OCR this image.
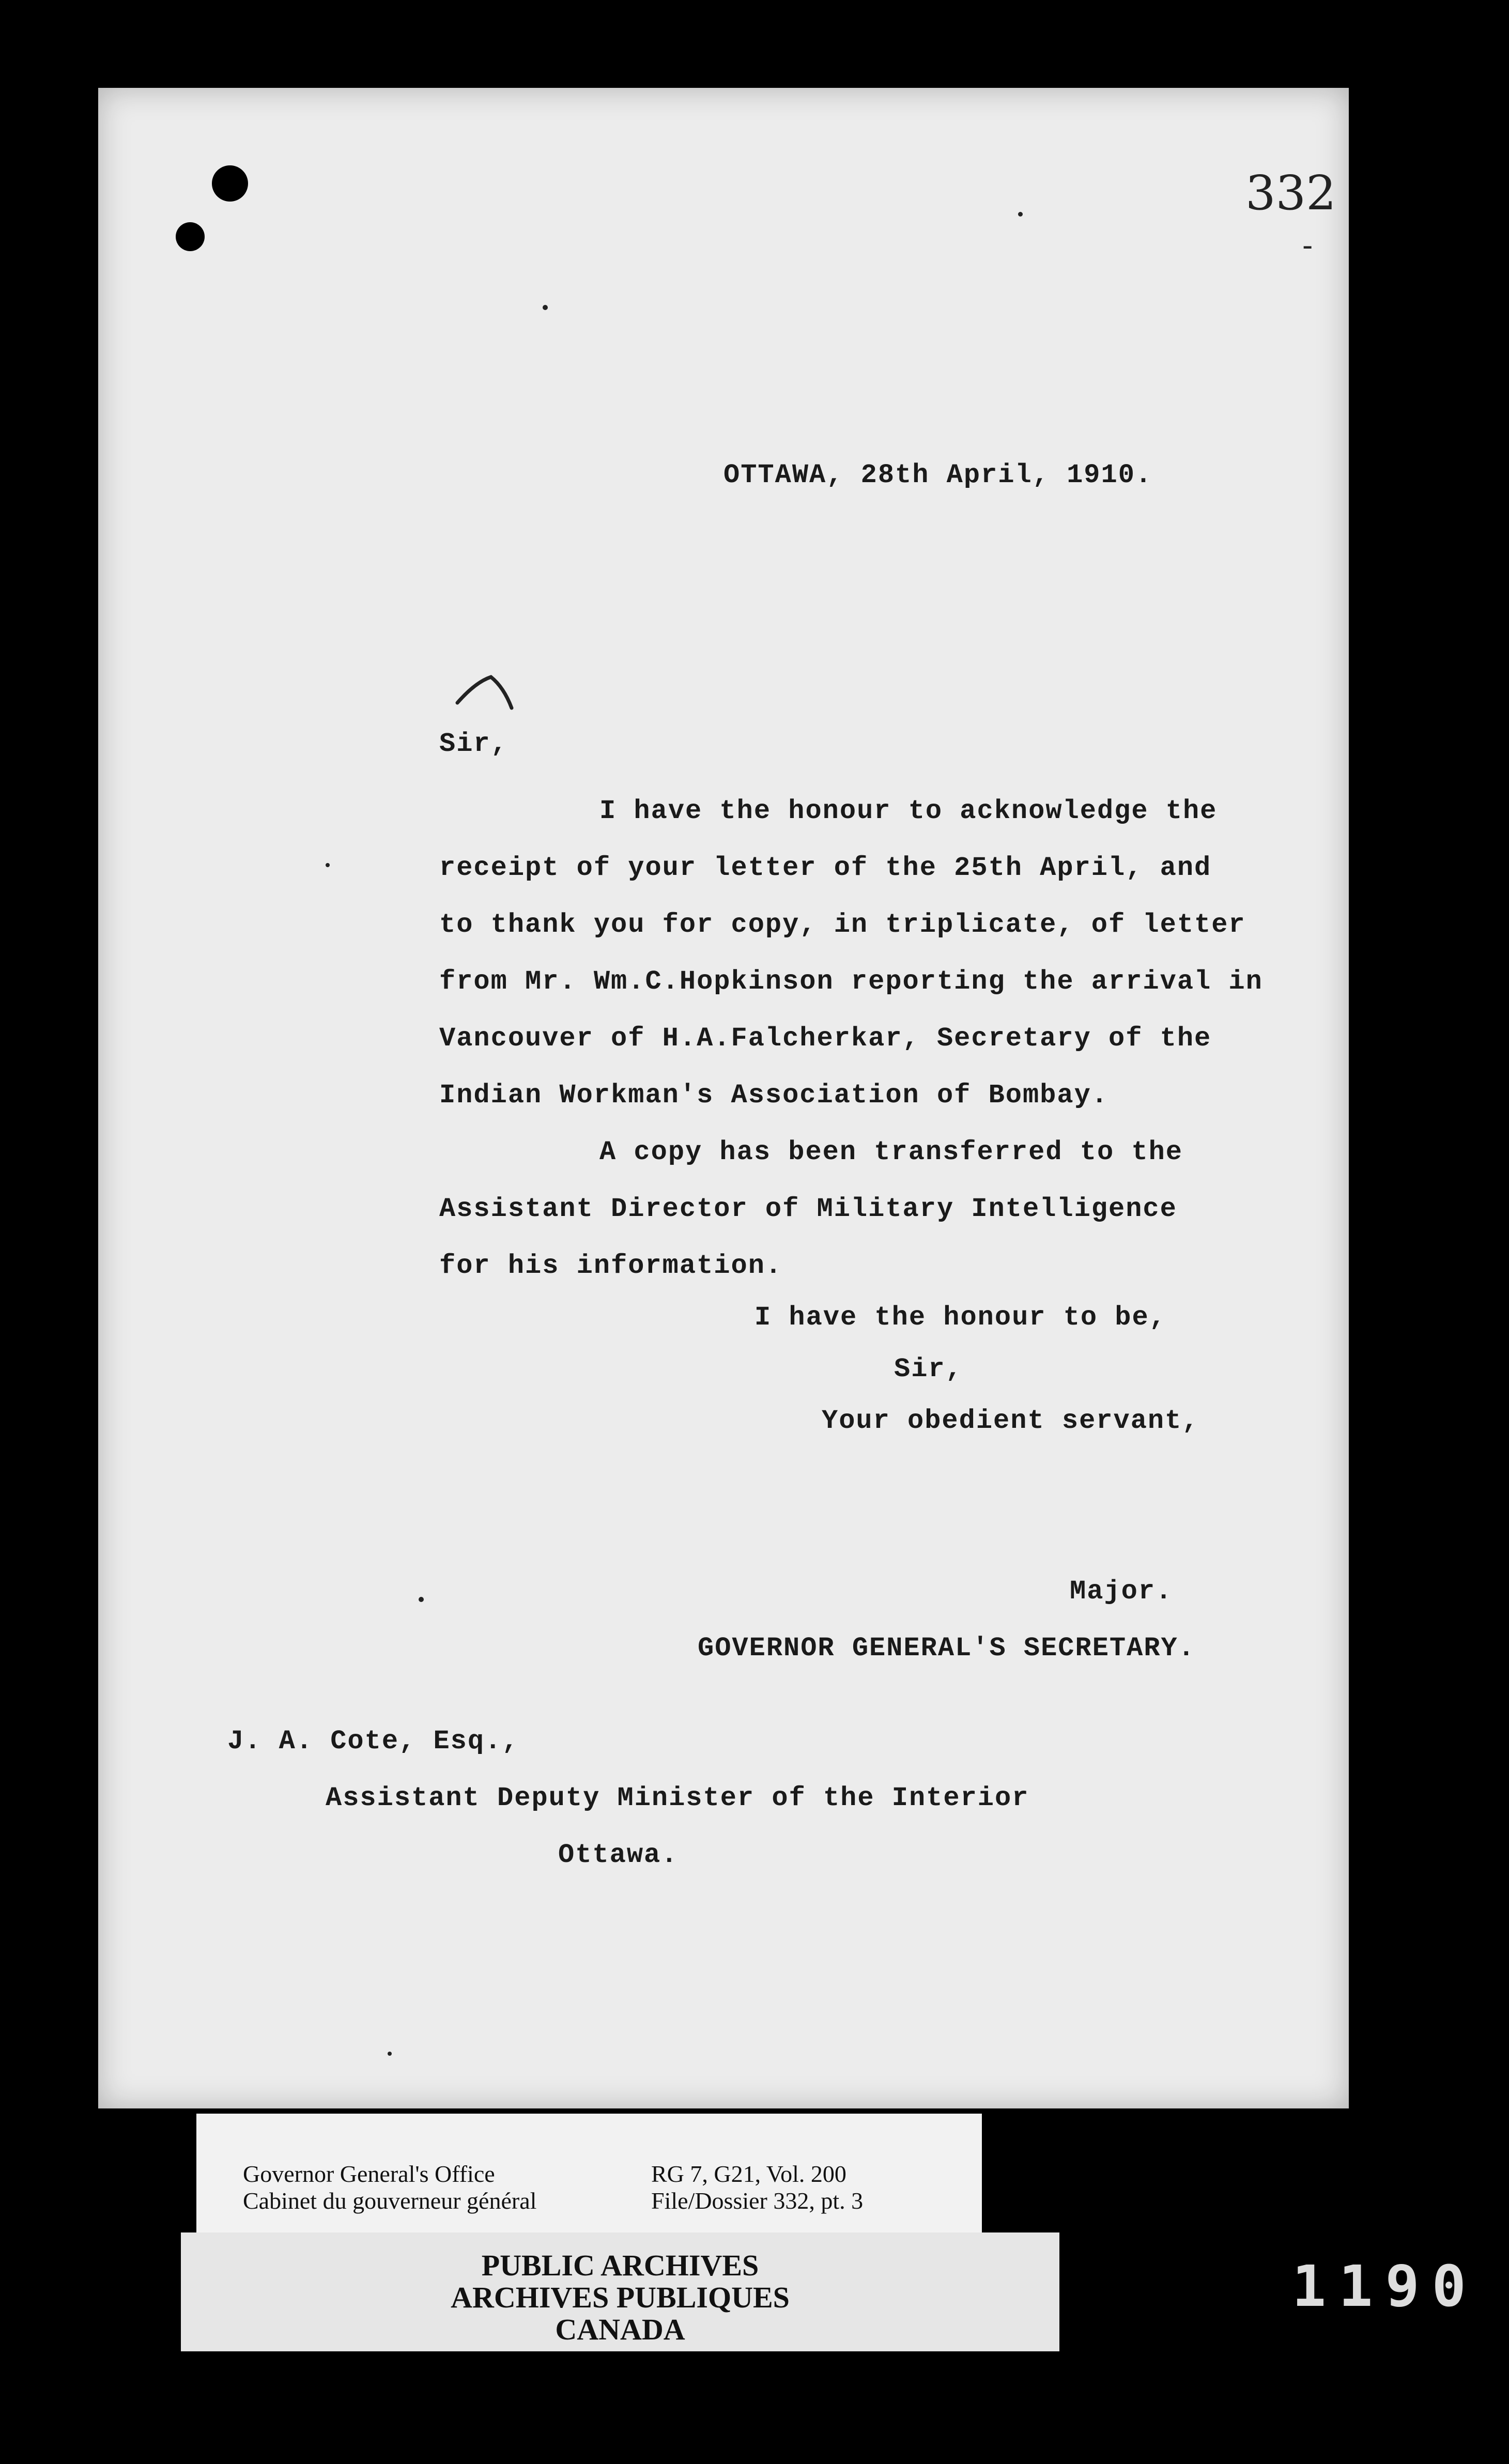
332
-
OTTAWA, 28th April, 1910.
Sir,
I have the honour to acknowledge the
receipt of your letter of the 25th April, and
to thank you for copy, in triplicate, of letter
from Mr. Wm.C.Hopkinson reporting the arrival in
Vancouver of H.A.Falcherkar, Secretary of the
Indian Workman's Association of Bombay.
A copy has been transferred to the
Assistant Director of Military Intelligence
for his information.
I have the honour to be,
Sir,
Your obedient servant,
Major.
GOVERNOR GENERAL'S SECRETARY.
J. A. Cote, Esq.,
Assistant Deputy Minister of the Interior
Ottawa.
Governor General's Office
Cabinet du gouverneur général
RG 7, G21, Vol. 200
File/Dossier 332, pt. 3
PUBLIC ARCHIVES
ARCHIVES PUBLIQUES
CANADA
1190
